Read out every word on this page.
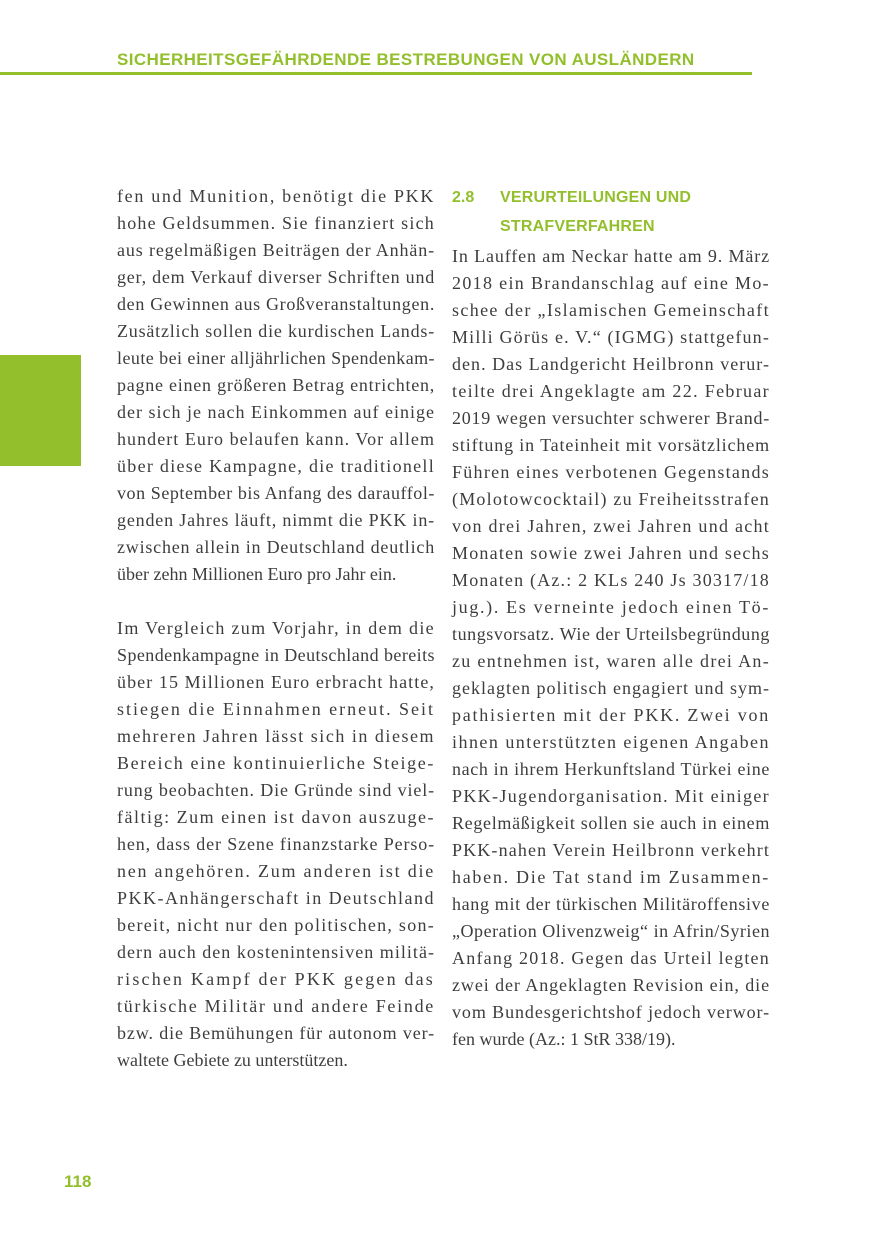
SICHERHEITSGEFÄHRDENDE BESTREBUNGEN VON AUSLÄNDERN
fen und Munition, benötigt die PKK
hohe Geldsummen. Sie finanziert sich
aus regelmäßigen Beiträgen der Anhän-
ger, dem Verkauf diverser Schriften und
den Gewinnen aus Großveranstaltungen.
Zusätzlich sollen die kurdischen Lands-
leute bei einer alljährlichen Spendenkam-
pagne einen größeren Betrag entrichten,
der sich je nach Einkommen auf einige
hundert Euro belaufen kann. Vor allem
über diese Kampagne, die traditionell
von September bis Anfang des darauffol-
genden Jahres läuft, nimmt die PKK in-
zwischen allein in Deutschland deutlich
über zehn Millionen Euro pro Jahr ein.
Im Vergleich zum Vorjahr, in dem die
Spendenkampagne in Deutschland bereits
über 15 Millionen Euro erbracht hatte,
stiegen die Einnahmen erneut. Seit
mehreren Jahren lässt sich in diesem
Bereich eine kontinuierliche Steige-
rung beobachten. Die Gründe sind viel-
fältig: Zum einen ist davon auszuge-
hen, dass der Szene finanzstarke Perso-
nen angehören. Zum anderen ist die
PKK-Anhängerschaft in Deutschland
bereit, nicht nur den politischen, son-
dern auch den kostenintensiven militä-
rischen Kampf der PKK gegen das
türkische Militär und andere Feinde
bzw. die Bemühungen für autonom ver-
waltete Gebiete zu unterstützen.
2.8	VERURTEILUNGEN UND
STRAFVERFAHREN
In Lauffen am Neckar hatte am 9. März
2018 ein Brandanschlag auf eine Mo-
schee der „Islamischen Gemeinschaft
Milli Görüs e. V.“ (IGMG) stattgefun-
den. Das Landgericht Heilbronn verur-
teilte drei Angeklagte am 22. Februar
2019 wegen versuchter schwerer Brand-
stiftung in Tateinheit mit vorsätzlichem
Führen eines verbotenen Gegenstands
(Molotowcocktail) zu Freiheitsstrafen
von drei Jahren, zwei Jahren und acht
Monaten sowie zwei Jahren und sechs
Monaten (Az.: 2 KLs 240 Js 30317/18
jug.). Es verneinte jedoch einen Tö-
tungsvorsatz. Wie der Urteilsbegründung
zu entnehmen ist, waren alle drei An-
geklagten politisch engagiert und sym-
pathisierten mit der PKK. Zwei von
ihnen unterstützten eigenen Angaben
nach in ihrem Herkunftsland Türkei eine
PKK-Jugendorganisation. Mit einiger
Regelmäßigkeit sollen sie auch in einem
PKK-nahen Verein Heilbronn verkehrt
haben. Die Tat stand im Zusammen-
hang mit der türkischen Militäroffensive
„Operation Olivenzweig“ in Afrin/Syrien
Anfang 2018. Gegen das Urteil legten
zwei der Angeklagten Revision ein, die
vom Bundesgerichtshof jedoch verwor-
fen wurde (Az.: 1 StR 338/19).
118
